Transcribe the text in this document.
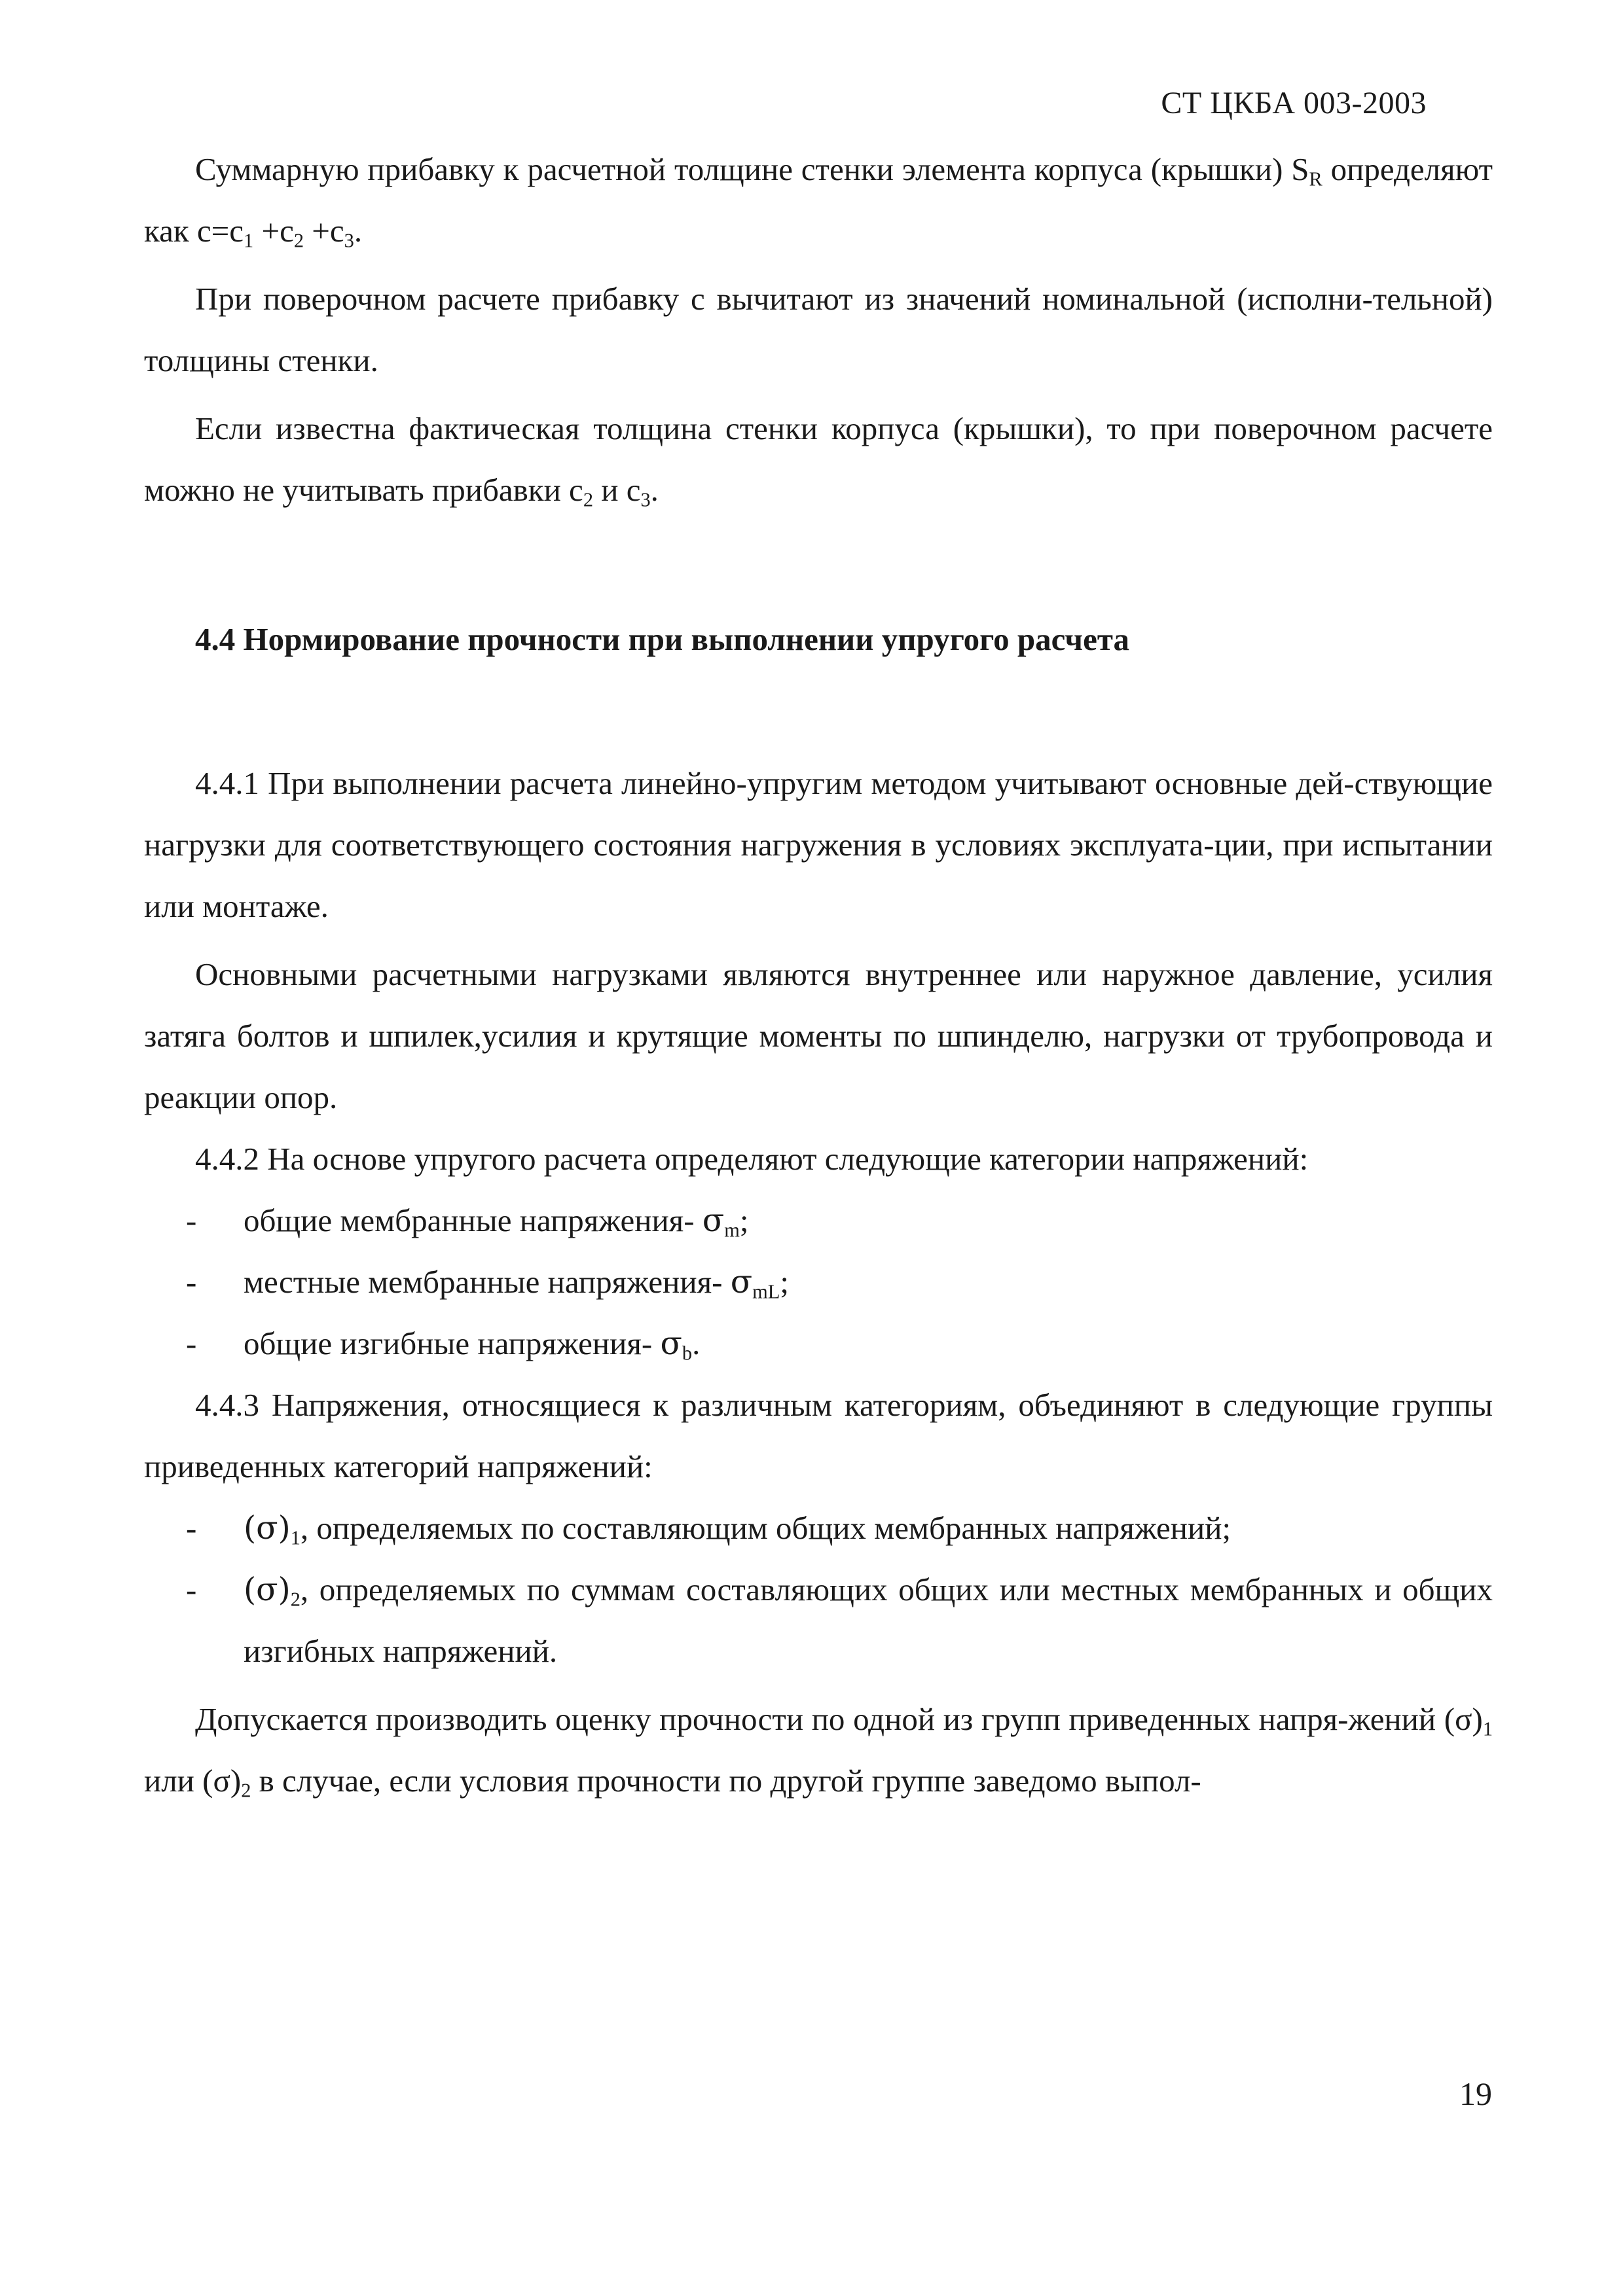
СТ ЦКБА 003-2003

Суммарную прибавку к расчетной толщине стенки элемента корпуса (крышки) $S_R$ определяют как $c=c_1 +c_2 +c_3$.

При поверочном расчете прибавку с вычитают из значений номинальной (исполни-тельной) толщины стенки.

Если известна фактическая толщина стенки корпуса (крышки), то при поверочном расчете можно не учитывать прибавки $c_2$ и $c_3$.

4.4 Нормирование прочности при выполнении упругого расчета

4.4.1 При выполнении расчета линейно-упругим методом учитывают основные дей-ствующие нагрузки для соответствующего состояния нагружения в условиях эксплуата-ции, при испытании или монтаже.

Основными расчетными нагрузками являются внутреннее или наружное давление, усилия затяга болтов и шпилек,усилия и крутящие моменты по шпинделю, нагрузки от трубопровода и реакции опор.

4.4.2 На основе упругого расчета определяют следующие категории напряжений:

- общие мембранные напряжения- $\sigma_m$;

- местные мембранные напряжения- $\sigma_{mL}$;

- общие изгибные напряжения- $\sigma_b$.

4.4.3 Напряжения, относящиеся к различным категориям, объединяют в следующие группы приведенных категорий напряжений:

- $(\sigma)_1$, определяемых по составляющим общих мембранных напряжений;

- $(\sigma)_2$, определяемых по суммам составляющих общих или местных мембранных и общих изгибных напряжений.

Допускается производить оценку прочности по одной из групп приведенных напря-жений $(\sigma)_1$ или $(\sigma)_2$ в случае, если условия прочности по другой группе заведомо выпол-

19
